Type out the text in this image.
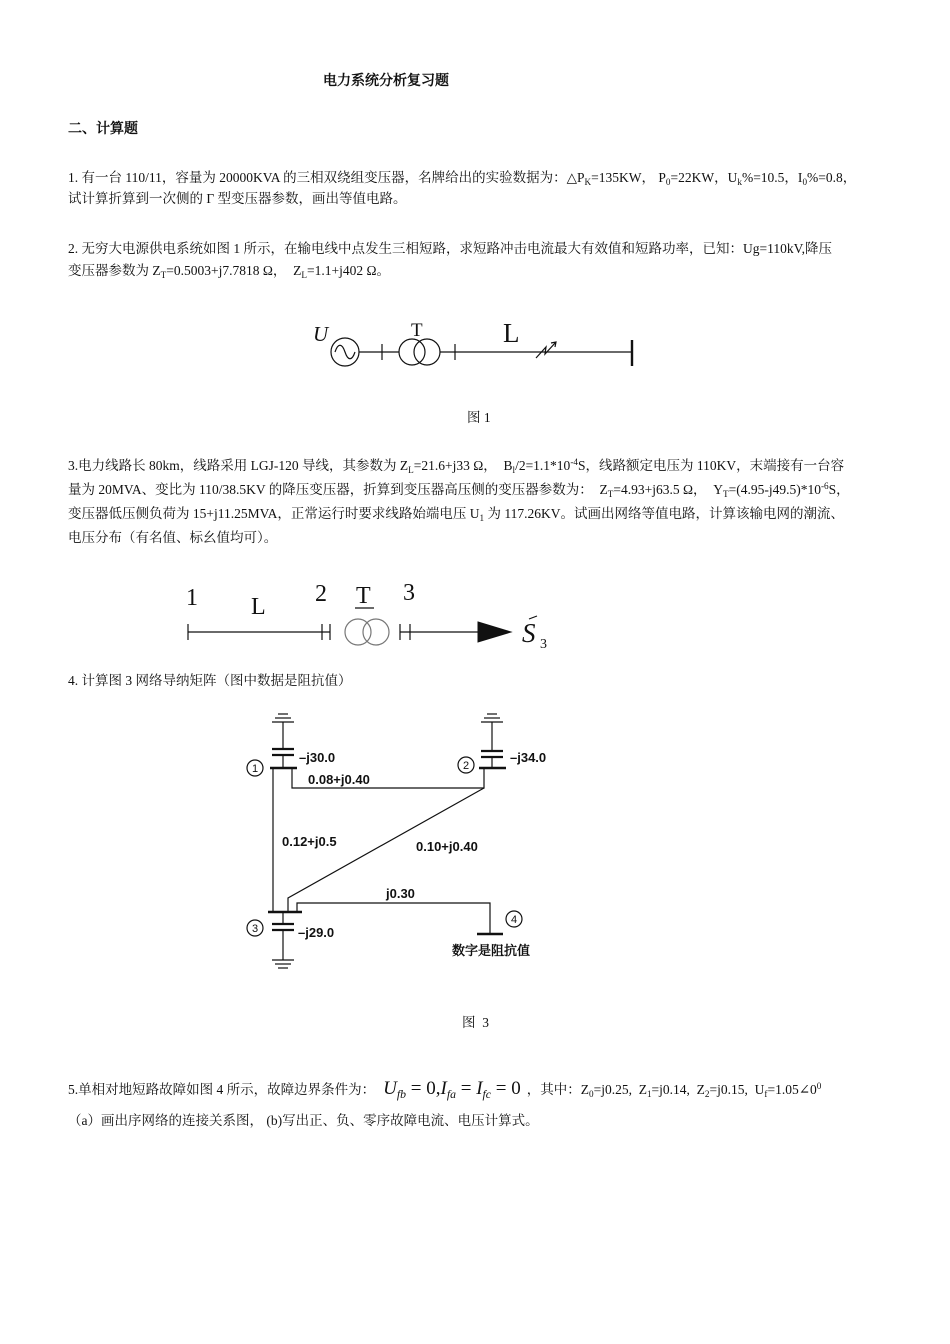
电力系统分析复习题
二、计算题
1. 有一台 110/11，容量为 20000KVA 的三相双绕组变压器，名牌给出的实验数据为：$\triangle P_K=135KW$， $P_0=22KW$，$U_k\%=10.5$，$I_0\%=0.8$，
试计算折算到一次侧的 Γ 型变压器参数，画出等值电路。
2. 无穷大电源供电系统如图 1 所示，在输电线中点发生三相短路，求短路冲击电流最大有效值和短路功率，已知：Ug=110kV,降压
变压器参数为 $Z_T=0.5003+j7.7818$ Ω，  $Z_L=1.1+j402$ Ω。
U	T	L
图 1
3.电力线路长 80km，线路采用 LGJ-120 导线，其参数为 $Z_L=21.6+j33$ Ω，  $B_l/2=1.1*10^{-4}S$，线路额定电压为 110KV，末端接有一台容
量为 20MVA、变比为 110/38.5KV 的降压变压器，折算到变压器高压侧的变压器参数为：  $Z_T=4.93+j63.5$ Ω，  $Y_T=(4.95-j49.5)*10^{-6}S$，
变压器低压侧负荷为 15+j11.25MVA，正常运行时要求线路始端电压 $U_1$ 为 117.26KV。试画出网络等值电路，计算该输电网的潮流、
电压分布（有名值、标幺值均可）。
1 L 2 T 3
S 3
4. 计算图 3 网络导纳矩阵（图中数据是阻抗值）
–j30.0
1
–j34.0
2
0.08+j0.40
0.12+j0.5	0.10+j0.40
3	–j29.0
j0.30
4
数字是阻抗值
图  3
5.单相对地短路故障如图 4 所示，故障边界条件为： $U_{fb} = 0,I_{fa} = I_{fc} = 0$ ，其中：$Z_0=j0.25$,  $Z_1=j0.14$,  $Z_2=j0.15$,  $U_f=1.05\angle 0^0$
（a）画出序网络的连接关系图， (b)写出正、负、零序故障电流、电压计算式。
